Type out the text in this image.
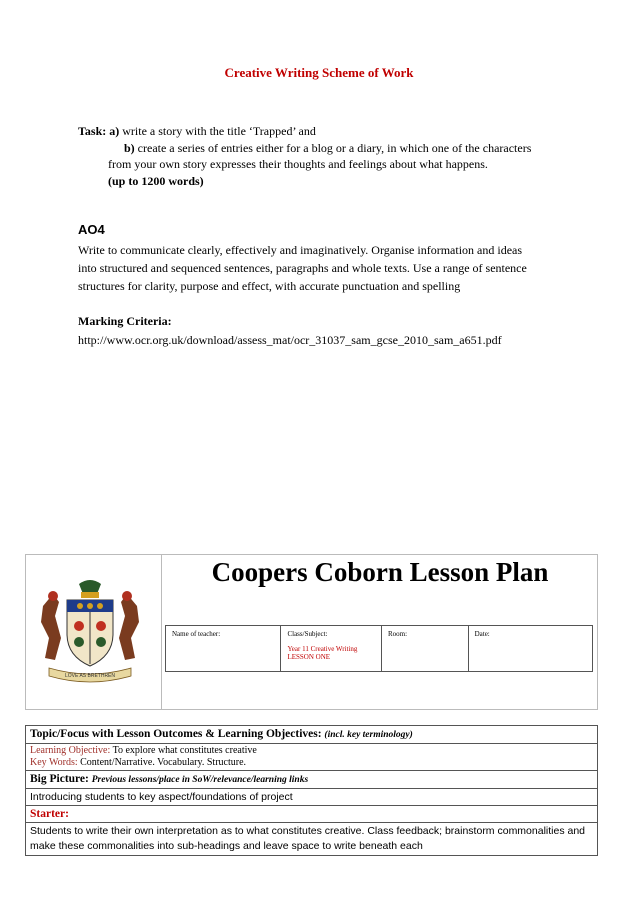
Creative Writing Scheme of Work
Task: a) write a story with the title ‘Trapped’ and
b) create a series of entries either for a blog or a diary, in which one of the characters
from your own story expresses their thoughts and feelings about what happens.
(up to 1200 words)
AO4
Write to communicate clearly, effectively and imaginatively. Organise information and ideas
into structured and sequenced sentences, paragraphs and whole texts. Use a range of sentence
structures for clarity, purpose and effect, with accurate punctuation and spelling
Marking Criteria:
http://www.ocr.org.uk/download/assess_mat/ocr_31037_sam_gcse_2010_sam_a651.pdf
LOVE AS BRETHREN
Coopers Coborn Lesson Plan
Name of teacher:	Class/Subject:
Year 11 Creative Writing
LESSON ONE
Room:	Date:
Topic/Focus with Lesson Outcomes & Learning Objectives: (incl. key terminology)
Learning Objective: To explore what constitutes creative
Key Words: Content/Narrative. Vocabulary. Structure.
Big Picture: Previous lessons/place in SoW/relevance/learning links
Introducing students to key aspect/foundations of project
Starter:
Students to write their own interpretation as to what constitutes creative. Class feedback; brainstorm commonalities and make these commonalities into sub-headings and leave space to write beneath each
